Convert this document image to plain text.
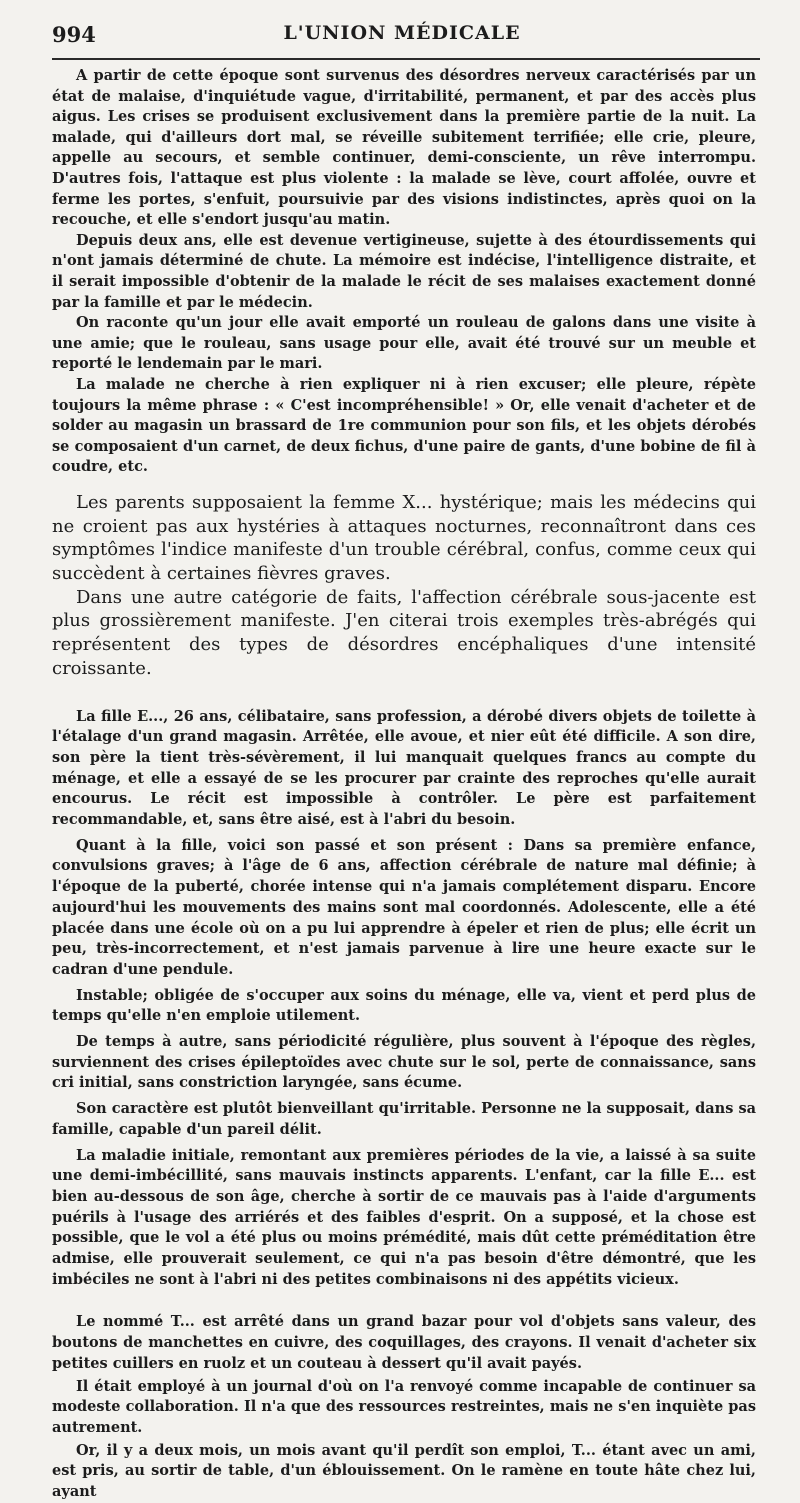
994	L'UNION MÉDICALE

A partir de cette époque sont survenus des désordres nerveux caractérisés par un état de malaise, d'inquiétude vague, d'irritabilité, permanent, et par des accès plus aigus. Les crises se produisent exclusivement dans la première partie de la nuit. La malade, qui d'ailleurs dort mal, se réveille subitement terrifiée; elle crie, pleure, appelle au secours, et semble continuer, demi-consciente, un rêve interrompu. D'autres fois, l'attaque est plus violente : la malade se lève, court affolée, ouvre et ferme les portes, s'enfuit, poursuivie par des visions indistinctes, après quoi on la recouche, et elle s'endort jusqu'au matin.

Depuis deux ans, elle est devenue vertigineuse, sujette à des étourdissements qui n'ont jamais déterminé de chute. La mémoire est indécise, l'intelligence distraite, et il serait impossible d'obtenir de la malade le récit de ses malaises exactement donné par la famille et par le médecin.

On raconte qu'un jour elle avait emporté un rouleau de galons dans une visite à une amie; que le rouleau, sans usage pour elle, avait été trouvé sur un meuble et reporté le lendemain par le mari.

La malade ne cherche à rien expliquer ni à rien excuser; elle pleure, répète toujours la même phrase : « C'est incompréhensible! » Or, elle venait d'acheter et de solder au magasin un brassard de 1re communion pour son fils, et les objets dérobés se composaient d'un carnet, de deux fichus, d'une paire de gants, d'une bobine de fil à coudre, etc.

Les parents supposaient la femme X... hystérique; mais les médecins qui ne croient pas aux hystéries à attaques nocturnes, reconnaîtront dans ces symptômes l'indice manifeste d'un trouble cérébral, confus, comme ceux qui succèdent à certaines fièvres graves.

Dans une autre catégorie de faits, l'affection cérébrale sous-jacente est plus grossièrement manifeste. J'en citerai trois exemples très-abrégés qui représentent des types de désordres encéphaliques d'une intensité croissante.

La fille E..., 26 ans, célibataire, sans profession, a dérobé divers objets de toilette à l'étalage d'un grand magasin. Arrêtée, elle avoue, et nier eût été difficile. A son dire, son père la tient très-sévèrement, il lui manquait quelques francs au compte du ménage, et elle a essayé de se les procurer par crainte des reproches qu'elle aurait encourus. Le récit est impossible à contrôler. Le père est parfaitement recommandable, et, sans être aisé, est à l'abri du besoin.

Quant à la fille, voici son passé et son présent : Dans sa première enfance, convulsions graves; à l'âge de 6 ans, affection cérébrale de nature mal définie; à l'époque de la puberté, chorée intense qui n'a jamais complétement disparu. Encore aujourd'hui les mouvements des mains sont mal coordonnés. Adolescente, elle a été placée dans une école où on a pu lui apprendre à épeler et rien de plus; elle écrit un peu, très-incorrectement, et n'est jamais parvenue à lire une heure exacte sur le cadran d'une pendule.

Instable; obligée de s'occuper aux soins du ménage, elle va, vient et perd plus de temps qu'elle n'en emploie utilement.

De temps à autre, sans périodicité régulière, plus souvent à l'époque des règles, surviennent des crises épileptoïdes avec chute sur le sol, perte de connaissance, sans cri initial, sans constriction laryngée, sans écume.

Son caractère est plutôt bienveillant qu'irritable. Personne ne la supposait, dans sa famille, capable d'un pareil délit.

La maladie initiale, remontant aux premières périodes de la vie, a laissé à sa suite une demi-imbécillité, sans mauvais instincts apparents. L'enfant, car la fille E... est bien au-dessous de son âge, cherche à sortir de ce mauvais pas à l'aide d'arguments puérils à l'usage des arriérés et des faibles d'esprit. On a supposé, et la chose est possible, que le vol a été plus ou moins prémédité, mais dût cette préméditation être admise, elle prouverait seulement, ce qui n'a pas besoin d'être démontré, que les imbéciles ne sont à l'abri ni des petites combinaisons ni des appétits vicieux.

Le nommé T... est arrêté dans un grand bazar pour vol d'objets sans valeur, des boutons de manchettes en cuivre, des coquillages, des crayons. Il venait d'acheter six petites cuillers en ruolz et un couteau à dessert qu'il avait payés.

Il était employé à un journal d'où on l'a renvoyé comme incapable de continuer sa modeste collaboration. Il n'a que des ressources restreintes, mais ne s'en inquiète pas autrement.

Or, il y a deux mois, un mois avant qu'il perdît son emploi, T... étant avec un ami, est pris, au sortir de table, d'un éblouissement. On le ramène en toute hâte chez lui, ayant
